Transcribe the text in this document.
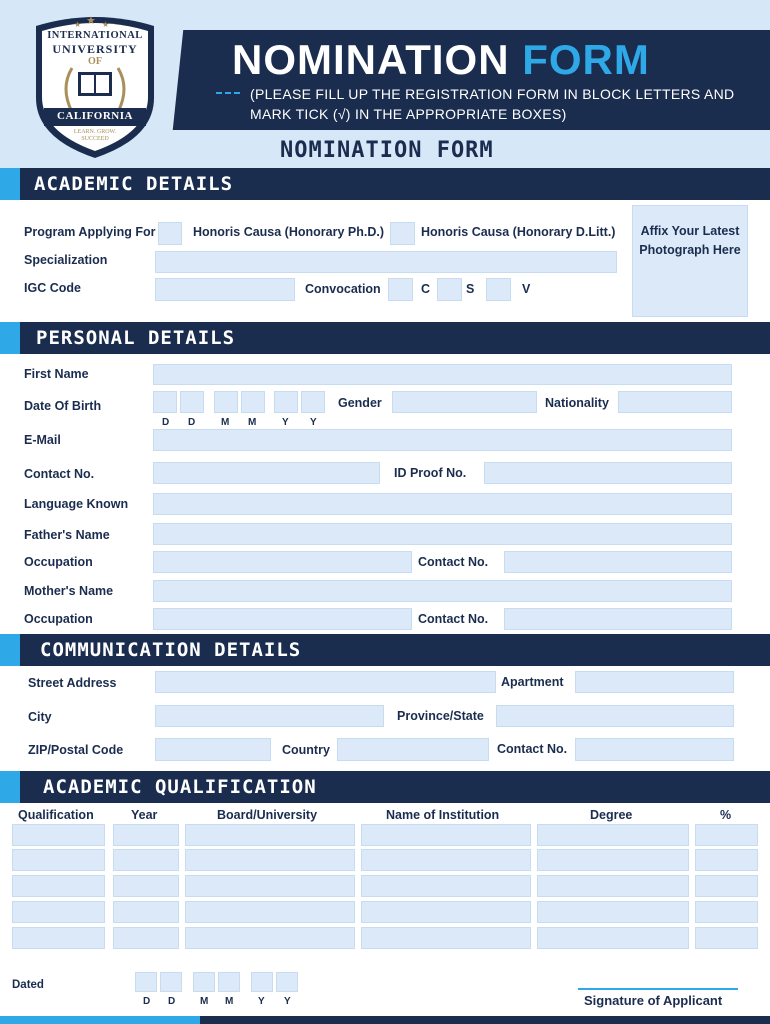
NOMINATION FORM
(PLEASE FILL UP THE REGISTRATION FORM IN BLOCK LETTERS AND MARK TICK (√) IN THE APPROPRIATE BOXES)
★
★	★
INTERNATIONAL
UNIVERSITY
OF
CALIFORNIA
LEARN. GROW.
SUCCEED	NOMINATION FORM
ACADEMIC DETAILS
Program Applying For	Honoris Causa (Honorary Ph.D.)	Honoris Causa (Honorary D.Litt.)
Specialization
IGC Code	Convocation	C	S	V
Affix Your Latest Photograph Here
PERSONAL DETAILS
First Name
Date Of Birth
D D	M M	Y Y
Gender	Nationality
E-Mail
Contact No.	ID Proof No.
Language Known
Father's Name
Occupation	Contact No.
Mother's Name
Occupation	Contact No.
COMMUNICATION DETAILS
Street Address	Apartment
City	Province/State
ZIP/Postal Code	Country	Contact No.
ACADEMIC QUALIFICATION
Qualification	Year	Board/University	Name of Institution	Degree	%
Dated
D D M M Y Y	Signature of Applicant
